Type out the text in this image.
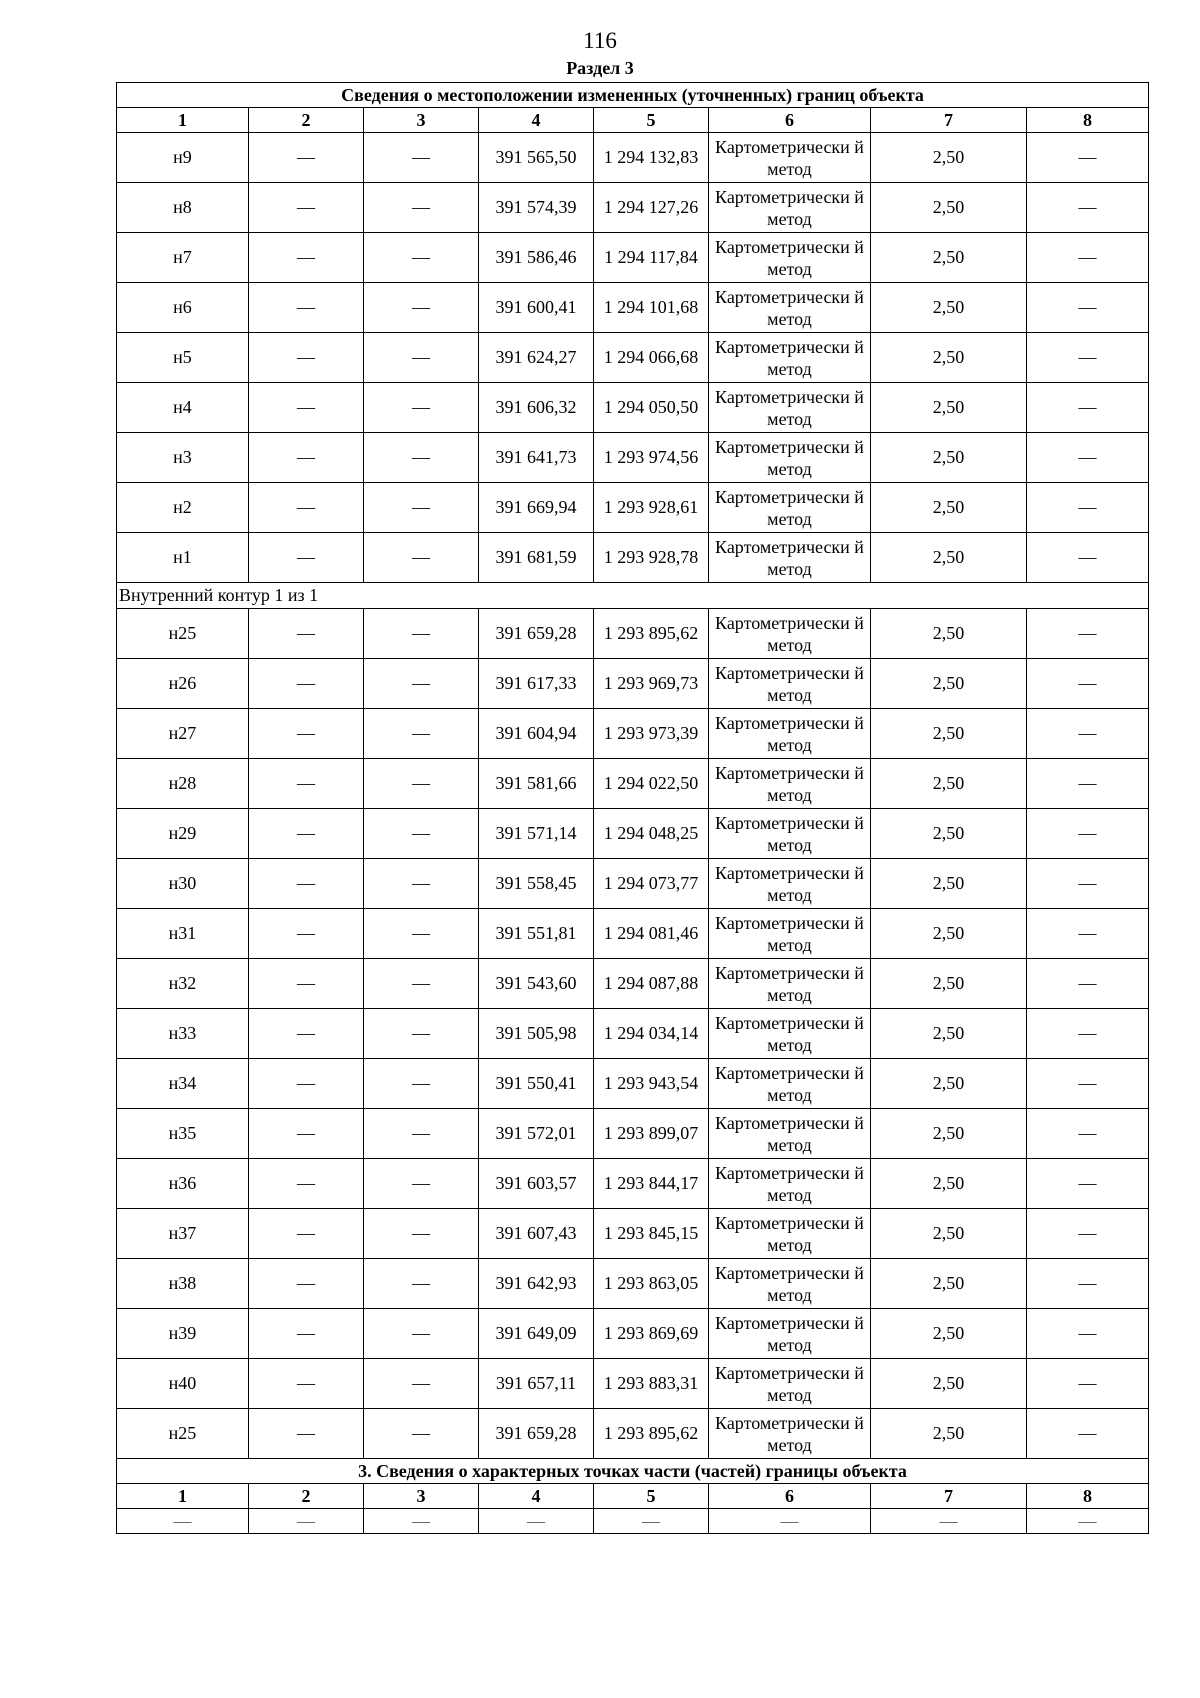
116
Раздел 3
Сведения о местоположении измененных (уточненных) границ объекта							
1	2	3	4	5	6	7	8
н9	—	—	391 565,50	1 294 132,83	Картометрически й метод	2,50	—
н8	—	—	391 574,39	1 294 127,26	Картометрически й метод	2,50	—
н7	—	—	391 586,46	1 294 117,84	Картометрически й метод	2,50	—
н6	—	—	391 600,41	1 294 101,68	Картометрически й метод	2,50	—
н5	—	—	391 624,27	1 294 066,68	Картометрически й метод	2,50	—
н4	—	—	391 606,32	1 294 050,50	Картометрически й метод	2,50	—
н3	—	—	391 641,73	1 293 974,56	Картометрически й метод	2,50	—
н2	—	—	391 669,94	1 293 928,61	Картометрически й метод	2,50	—
н1	—	—	391 681,59	1 293 928,78	Картометрически й метод	2,50	—
Внутренний контур 1 из 1							
н25	—	—	391 659,28	1 293 895,62	Картометрически й метод	2,50	—
н26	—	—	391 617,33	1 293 969,73	Картометрически й метод	2,50	—
н27	—	—	391 604,94	1 293 973,39	Картометрически й метод	2,50	—
н28	—	—	391 581,66	1 294 022,50	Картометрически й метод	2,50	—
н29	—	—	391 571,14	1 294 048,25	Картометрически й метод	2,50	—
н30	—	—	391 558,45	1 294 073,77	Картометрически й метод	2,50	—
н31	—	—	391 551,81	1 294 081,46	Картометрически й метод	2,50	—
н32	—	—	391 543,60	1 294 087,88	Картометрически й метод	2,50	—
н33	—	—	391 505,98	1 294 034,14	Картометрически й метод	2,50	—
н34	—	—	391 550,41	1 293 943,54	Картометрически й метод	2,50	—
н35	—	—	391 572,01	1 293 899,07	Картометрически й метод	2,50	—
н36	—	—	391 603,57	1 293 844,17	Картометрически й метод	2,50	—
н37	—	—	391 607,43	1 293 845,15	Картометрически й метод	2,50	—
н38	—	—	391 642,93	1 293 863,05	Картометрически й метод	2,50	—
н39	—	—	391 649,09	1 293 869,69	Картометрически й метод	2,50	—
н40	—	—	391 657,11	1 293 883,31	Картометрически й метод	2,50	—
н25	—	—	391 659,28	1 293 895,62	Картометрически й метод	2,50	—
3. Сведения о характерных точках части (частей) границы объекта							
1	2	3	4	5	6	7	8
—	—	—	—	—	—	—	—
